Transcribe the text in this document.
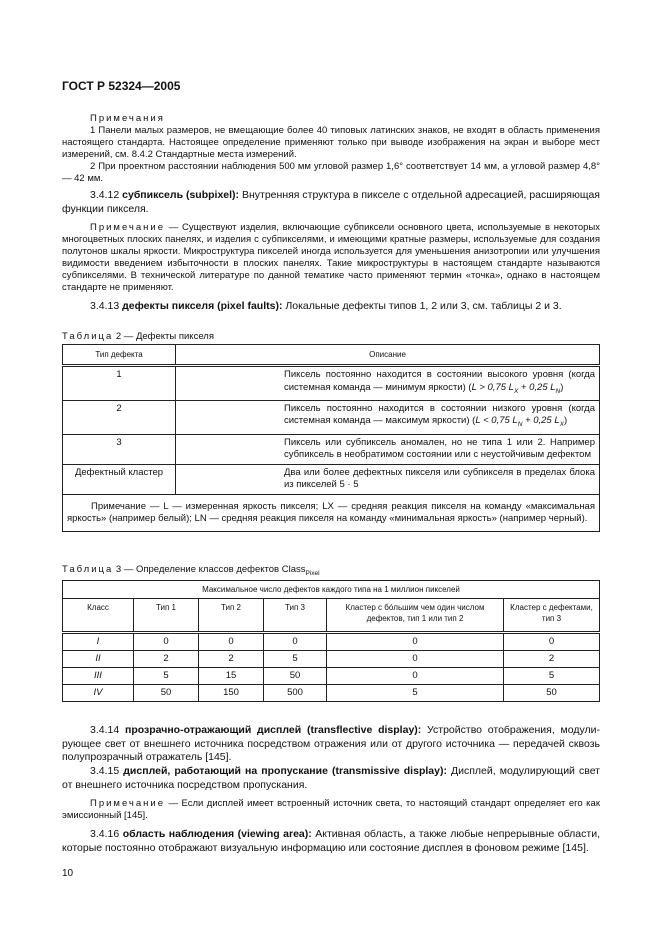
ГОСТ Р 52324—2005
Примечания
1 Панели малых размеров, не вмещающие более 40 типовых латинских знаков, не входят в область применения настоящего стандарта. Настоящее определение применяют только при выводе изображения на экран и выборе мест измерений, см. 8.4.2 Стандартные места измерений.
2 При проектном расстоянии наблюдения 500 мм угловой размер 1,6° соответствует 14 мм, а угловой размер 4,8° — 42 мм.
3.4.12 субпиксель (subpixel): Внутренняя структура в пикселе с отдельной адресацией, расширяющая функции пикселя.
Примечание — Существуют изделия, включающие субпиксели основного цвета, используемые в некоторых многоцветных плоских панелях, и изделия с субпикселями, и имеющими кратные размеры, используемые для создания полутонов шкалы яркости. Микроструктура пикселей иногда используется для уменьшения анизотропии или улучшения видимости введением избыточности в плоских панелях. Такие микроструктуры в настоящем стандарте называются субпикселями. В технической литературе по данной тематике часто применяют термин «точка», однако в настоящем стандарте не применяют.
3.4.13 дефекты пикселя (pixel faults): Локальные дефекты типов 1, 2 или 3, см. таблицы 2 и 3.
Таблица 2 — Дефекты пикселя
Тип дефекта	Описание
1	Пиксель постоянно находится в состоянии высокого уровня (когда системная команда — минимум яркости) (L > 0,75 $L_X + 0,25$ $L_N$)

2	Пиксель постоянно находится в состоянии низкого уровня (когда системная команда — максимум яркости) (L < 0,75 $L_N + 0,25$ $L_X$)

3	Пиксель или субпиксель аномален, но не типа 1 или 2. Например субпиксель в необратимом состоянии или с неустойчивым дефектом

Дефектный кластер	Два или более дефектных пикселя или субпикселя в пределах блока из пикселей 5 · 5

Примечание — L — измеренная яркость пикселя; LX — средняя реакция пикселя на команду «максимальная яркость» (например белый); LN — средняя реакция пикселя на команду «минимальная яркость» (например черный).	
Таблица 3 — Определение классов дефектов Class$_{Pixel}$
Максимальное число дефектов каждого типа на 1 миллион пикселей					
Класс	Тип 1	Тип 2	Тип 3	Кластер с бóльшим чем один числом дефектов, тип 1 или тип 2	Кластер с дефектами, тип 3
I	0	0	0	0	0
II	2	2	5	0	2
III	5	15	50	0	5
IV	50	150	500	5	50
3.4.14 прозрачно-отражающий дисплей (transflective display): Устройство отображения, модулирующее свет от внешнего источника посредством отражения или от другого источника — передачей сквозь полупрозрачный отражатель [145].
3.4.15 дисплей, работающий на пропускание (transmissive display): Дисплей, модулирующий свет от внешнего источника посредством пропускания.
Примечание — Если дисплей имеет встроенный источник света, то настоящий стандарт определяет его как эмиссионный [145].
3.4.16 область наблюдения (viewing area): Активная область, а также любые непрерывные области, которые постоянно отображают визуальную информацию или состояние дисплея в фоновом режиме [145].
10
